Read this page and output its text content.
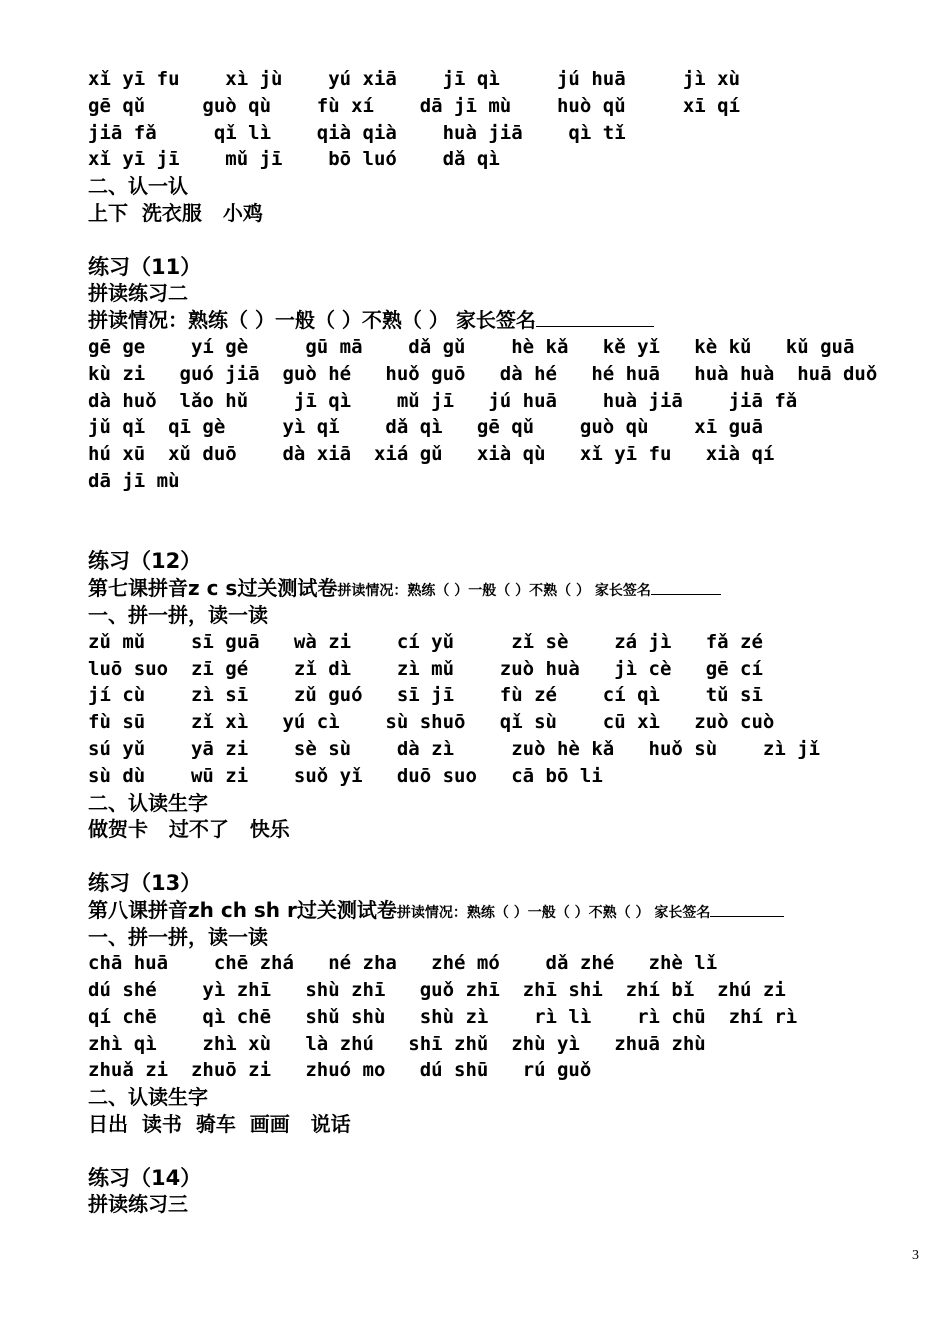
xǐ yī fu    xì jù    yú xiā    jī qì     jú huā     jì xù
gē qǔ     guò qù    fù xí    dā jī mù    huò qǔ     xī qí
jiā fǎ     qǐ lì    qià qià    huà jiā    qì tǐ
xǐ yī jī    mǔ jī    bō luó    dǎ qì
二、认一认
上下  洗衣服   小鸡
练习（11）
拼读练习二
拼读情况：熟练（ ）一般（ ）不熟（ ） 家长签名
gē ge    yí gè     gū mā    dǎ gǔ    hè kǎ   kě yǐ   kè kǔ   kǔ guā
kù zi   guó jiā  guò hé   huǒ guō   dà hé   hé huā   huà huà  huā duǒ
dà huǒ  lǎo hǔ    jī qì    mǔ jī   jú huā    huà jiā    jiā fǎ
jǔ qǐ  qī gè     yì qǐ    dǎ qì   gē qǔ    guò qù    xī guā
hú xū  xǔ duō    dà xiā  xiá gǔ   xià qù   xǐ yī fu   xià qí
dā jī mù
练习（12）
第七课拼音z c s过关测试卷拼读情况：熟练（ ）一般（ ）不熟（ ） 家长签名
一、拼一拼，读一读
zǔ mǔ    sī guā   wà zi    cí yǔ     zǐ sè    zá jì   fǎ zé
luō suo  zī gé    zǐ dì    zì mǔ    zuò huà   jì cè   gē cí
jí cù    zì sī    zǔ guó   sī jī    fù zé    cí qì    tǔ sī
fù sū    zǐ xì   yú cì    sù shuō   qǐ sù    cū xì   zuò cuò
sú yǔ    yā zi    sè sù    dà zì     zuò hè kǎ   huǒ sù    zì jǐ
sù dù    wū zi    suǒ yǐ   duō suo   cā bō li
二、认读生字
做贺卡   过不了   快乐
练习（13）
第八课拼音zh ch sh r过关测试卷拼读情况：熟练（ ）一般（ ）不熟（ ） 家长签名
一、拼一拼，读一读
chā huā    chē zhá   né zha   zhé mó    dǎ zhé   zhè lǐ
dú shé    yì zhī   shù zhī   guǒ zhī  zhī shi  zhí bǐ  zhú zi
qí chē    qì chē   shǔ shù   shù zì    rì lì    rì chū  zhí rì
zhì qì    zhì xù   là zhú   shī zhǔ  zhù yì   zhuā zhù
zhuǎ zi  zhuō zi   zhuó mo   dú shū   rú guǒ
二、认读生字
日出  读书  骑车  画画   说话
练习（14）
拼读练习三
3
